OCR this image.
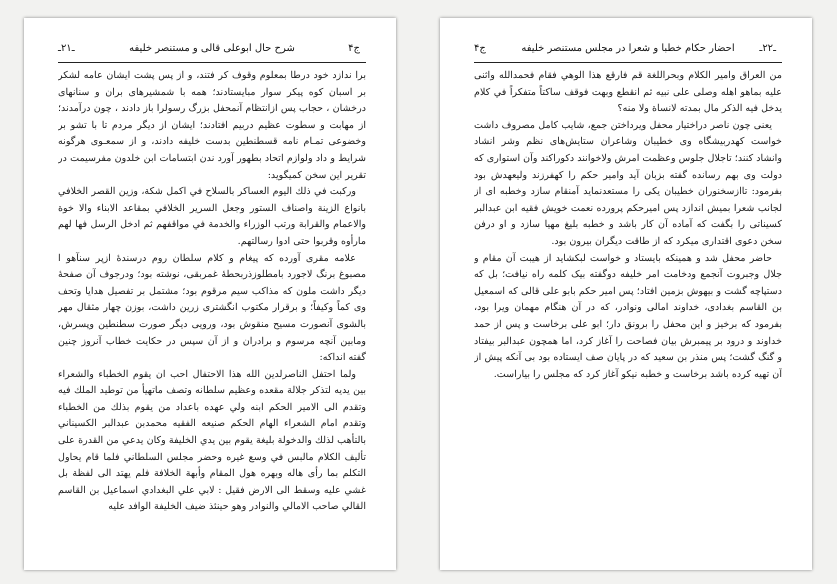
ج۴
شرح حال ابوعلی قالی و مستنصر خلیفه
ـ۲۱ـ

برا ندازد خود درطا بمعلوم وقوف کر فتند، و از پس پشت ایشان عامه لشکر بر اسبان کوه پیکر سوار مبایستادند؛ همه با شمشیرهای بران و سنانهای درخشان ، حجاب پس ازانتظام آنمحفل بزرگ رسولرا باز دادند ، چون درآمدند؛ از مهابت و سطوت عظیم دربیم افتادند؛ ایشان از دیگر مردم تا با تشو بر وخضوعی تمـام نامه قسطنطین بدست خلیفه دادند، و از سمعـوی هرگونه شرایط و داد ولوازم اتحاد بطهور آورد ندن ابتسامات ابن خلدون مفرسیمت در تقریر این سخن کمیگوید:

وركبت في ذلك اليوم العساكر بالسلاح في اكمل شكة، وزين القصر الخلافي بانواع الزينة واصناف الستور وجعل السرير الخلافي بمقاعد الابناء والا خوة والاعمام والقرابة ورتب الوزراء والخدمة في مواقفهم ثم ادخل الرسل فها لهم مارأوه وقربوا حتى ادوا رسالتهم.

علامه مقری آورده که پیغام و کلام سلطان روم درسندهٔ ازپر سنآهو ا مصبوغ برنگ لاجورد بامطلوزذربحطهٔ غمربقی، نوشته بود؛ ودرجوف آن صفحهٔ دیگر داشت ملون که مذاکب سیم مرقوم بود؛ مشتمل بر تفصیل هدایا وتحف وی کماً وکیفاً؛ و برقرار مکتوب انگشتری زرین داشت، بوزن چهار مثقال مهر بالشوی آنصورت مسیح منقوش بود، ورویی دیگر صورت سطنطین وپسرش، ومابین آنچه مرسوم و برادران و از آن سپس در حکایت خطاب آنروز چنین گفته انداکه:

ولما احتفل الناصرلدين الله هذا الاحتفال احب ان يقوم الخطباء والشعراء بين يديه لتذكر جلالة مقعده وعظيم سلطانه وتصف ماتهيأ من توطيد الملك فيه وتقدم الى الامير الحكم ابنه ولي عهده باعداد من يقوم بذلك من الخطباء وتقدم امام الشعراء الهام الحكم صنيعه الفقيه محمدبن عبدالبر الكسيناني بالتأهب لذلك والدخولة بليغة يقوم بين يدي الخليفة وكان يدعي من القدرة على تأليف الكلام مالبس في وسع غيره وحضر مجلس السلطاني فلما قام يحاول التكلم بما رأى هاله وبهره هول المقام وأبهة الخلافة فلم يهتد الى لفظة بل غشي عليه وسقط الى الارض فقيل : لابي علي البغدادي اسماعيل بن القاسم القالي صاحب الامالي والنوادر وهو حينئذ ضيف الخليفة الوافد عليه

ـ۲۲ـ
احضار حکام خطبا و شعرا در مجلس مستنصر خلیفه
ج۴

من العراق وامير الكلام وبحراللغة قم فارقع هذا الوهي فقام فحمدالله واثنى عليه بماهو اهله وصلى على نبيه ثم انقطع وبهت فوقف ساكتاً متفكراً في كلام يدخل فيه الذكر مال بمدته لانساة ولا منه؟

یعنی چون ناصر دراختیار محفل ویرداختن جمع، شایب کامل مصروف داشت خواست کهدربیشگاه وی خطیبان وشاعران ستایش‌های نظم وشر انشاد وانشاد کنند؛ تاجلال جلوس وعظمت امرش ولاخوانند دكوراکند وآن استواری که دولت وی بهم رسانده گفته بزبان آید وامیر حکم را کهفرزند ولیعهدش بود بفرمود: تاازسخنوران خطیبان یکی را مستعدنماید آمنقام سازد وخطبه ای از لجانب شعرا بمیش اندازد پس امیرحکم پرورده نعمت خویش فقیه ابن عبدالبر كسیناتی را بگفت که آماده آن کار باشد و خطبه بلیغ مهیا سازد و او درفن سخن دعوی اقتداری میکرد که از طاقت دیگران بیرون بود.

حاضر محفل شد و همینکه بایستاد و خواست لبکشاید از هیبت آن مقام و جلال وجبروت آنجمع ودخامت امر خلیفه دوگفته بیک کلمه راه نیافت؛ بل که دستپاچه گشت و بیهوش بزمین افتاد؛ پس امیر حکم بابو علی قالی که اسمعیل بن القاسم بغدادی، خداوند امالی ونوادر، که در آن هنگام مهمان ویرا بود، بفرمود که برخیز و این محفل را برونق دار؛ ابو علی برخاست و پس از حمد خداوند و درود بر پیمبرش بیان فصاحت را آغاز کرد، اما همچون عبدالبر بیفتاد و گنگ گشت؛ پس منذر بن سعید که در پایان صف ایستاده بود بی آنکه پیش از آن تهیه کرده باشد برخاست و خطبه نیکو آغاز کرد که مجلس را بیاراست.
